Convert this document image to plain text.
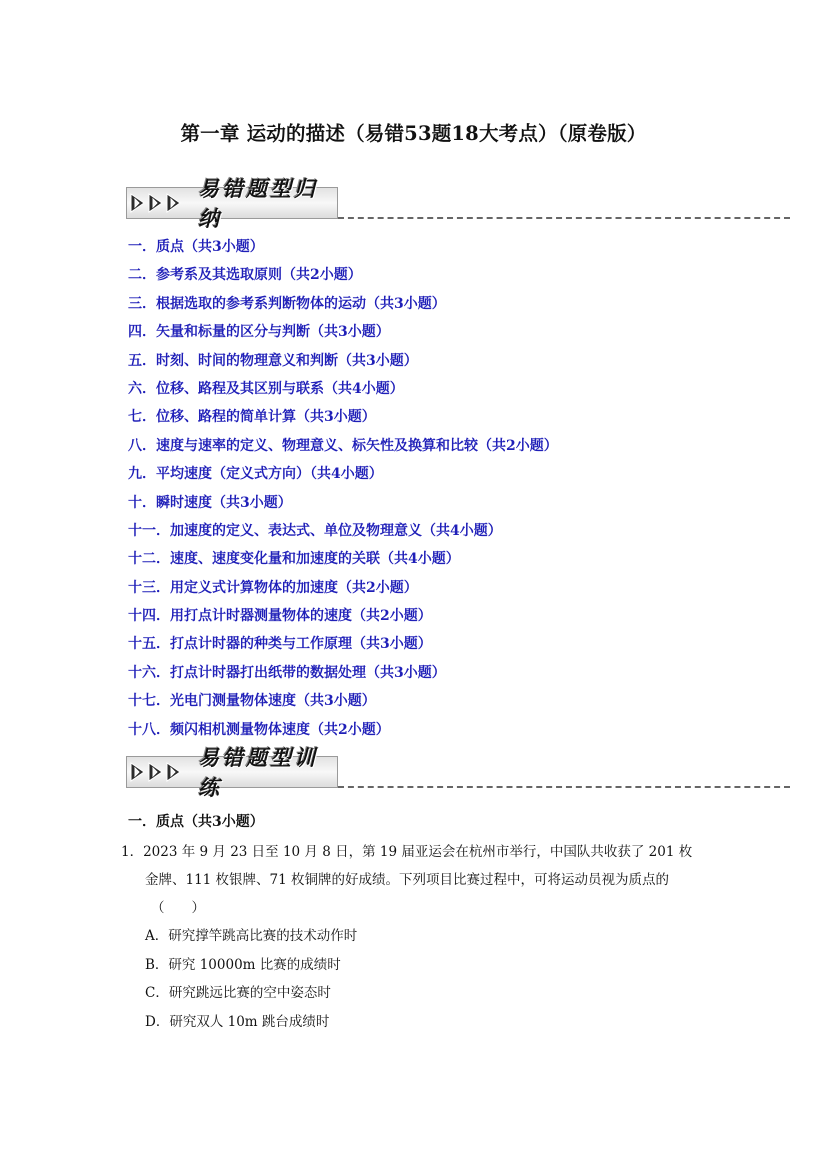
第一章 运动的描述（易错53题18大考点）（原卷版）
易错题型归纳
一．质点（共3小题）
二．参考系及其选取原则（共2小题）
三．根据选取的参考系判断物体的运动（共3小题）
四．矢量和标量的区分与判断（共3小题）
五．时刻、时间的物理意义和判断（共3小题）
六．位移、路程及其区别与联系（共4小题）
七．位移、路程的简单计算（共3小题）
八．速度与速率的定义、物理意义、标矢性及换算和比较（共2小题）
九．平均速度（定义式方向）（共4小题）
十．瞬时速度（共3小题）
十一．加速度的定义、表达式、单位及物理意义（共4小题）
十二．速度、速度变化量和加速度的关联（共4小题）
十三．用定义式计算物体的加速度（共2小题）
十四．用打点计时器测量物体的速度（共2小题）
十五．打点计时器的种类与工作原理（共3小题）
十六．打点计时器打出纸带的数据处理（共3小题）
十七．光电门测量物体速度（共3小题）
十八．频闪相机测量物体速度（共2小题）
易错题型训练
一．质点（共3小题）
1．2023 年 9 月 23 日至 10 月 8 日，第 19 届亚运会在杭州市举行，中国队共收获了 201 枚
金牌、111 枚银牌、71 枚铜牌的好成绩。下列项目比赛过程中，可将运动员视为质点的
（　　）
A．研究撑竿跳高比赛的技术动作时
B．研究 10000m 比赛的成绩时
C．研究跳远比赛的空中姿态时
D．研究双人 10m 跳台成绩时
